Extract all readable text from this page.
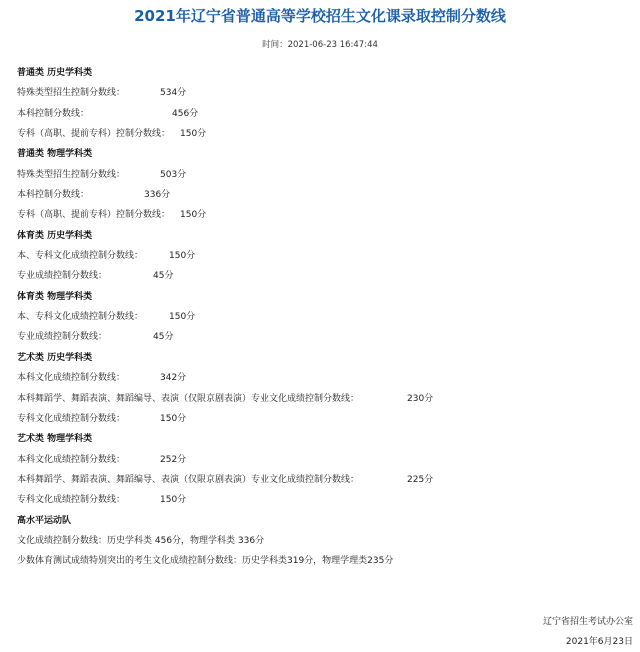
2021年辽宁省普通高等学校招生文化课录取控制分数线
时间：2021-06-23 16:47:44
普通类 历史学科类
特殊类型招生控制分数线：	534分
本科控制分数线：	456分
专科（高职、提前专科）控制分数线： 150分
普通类 物理学科类
特殊类型招生控制分数线：	503分
本科控制分数线：	336分
专科（高职、提前专科）控制分数线： 150分
体育类 历史学科类
本、专科文化成绩控制分数线：	150分
专业成绩控制分数线：	45分
体育类 物理学科类
本、专科文化成绩控制分数线：	150分
专业成绩控制分数线：	45分
艺术类 历史学科类
本科文化成绩控制分数线：	342分
本科舞蹈学、舞蹈表演、舞蹈编导、表演（仅限京剧表演）专业文化成绩控制分数线：	230分
专科文化成绩控制分数线：	150分
艺术类 物理学科类
本科文化成绩控制分数线：	252分
本科舞蹈学、舞蹈表演、舞蹈编导、表演（仅限京剧表演）专业文化成绩控制分数线：	225分
专科文化成绩控制分数线：	150分
高水平运动队
文化成绩控制分数线：历史学科类 456分，物理学科类 336分
少数体育测试成绩特别突出的考生文化成绩控制分数线：历史学科类319分，物理学理类235分
辽宁省招生考试办公室
2021年6月23日
